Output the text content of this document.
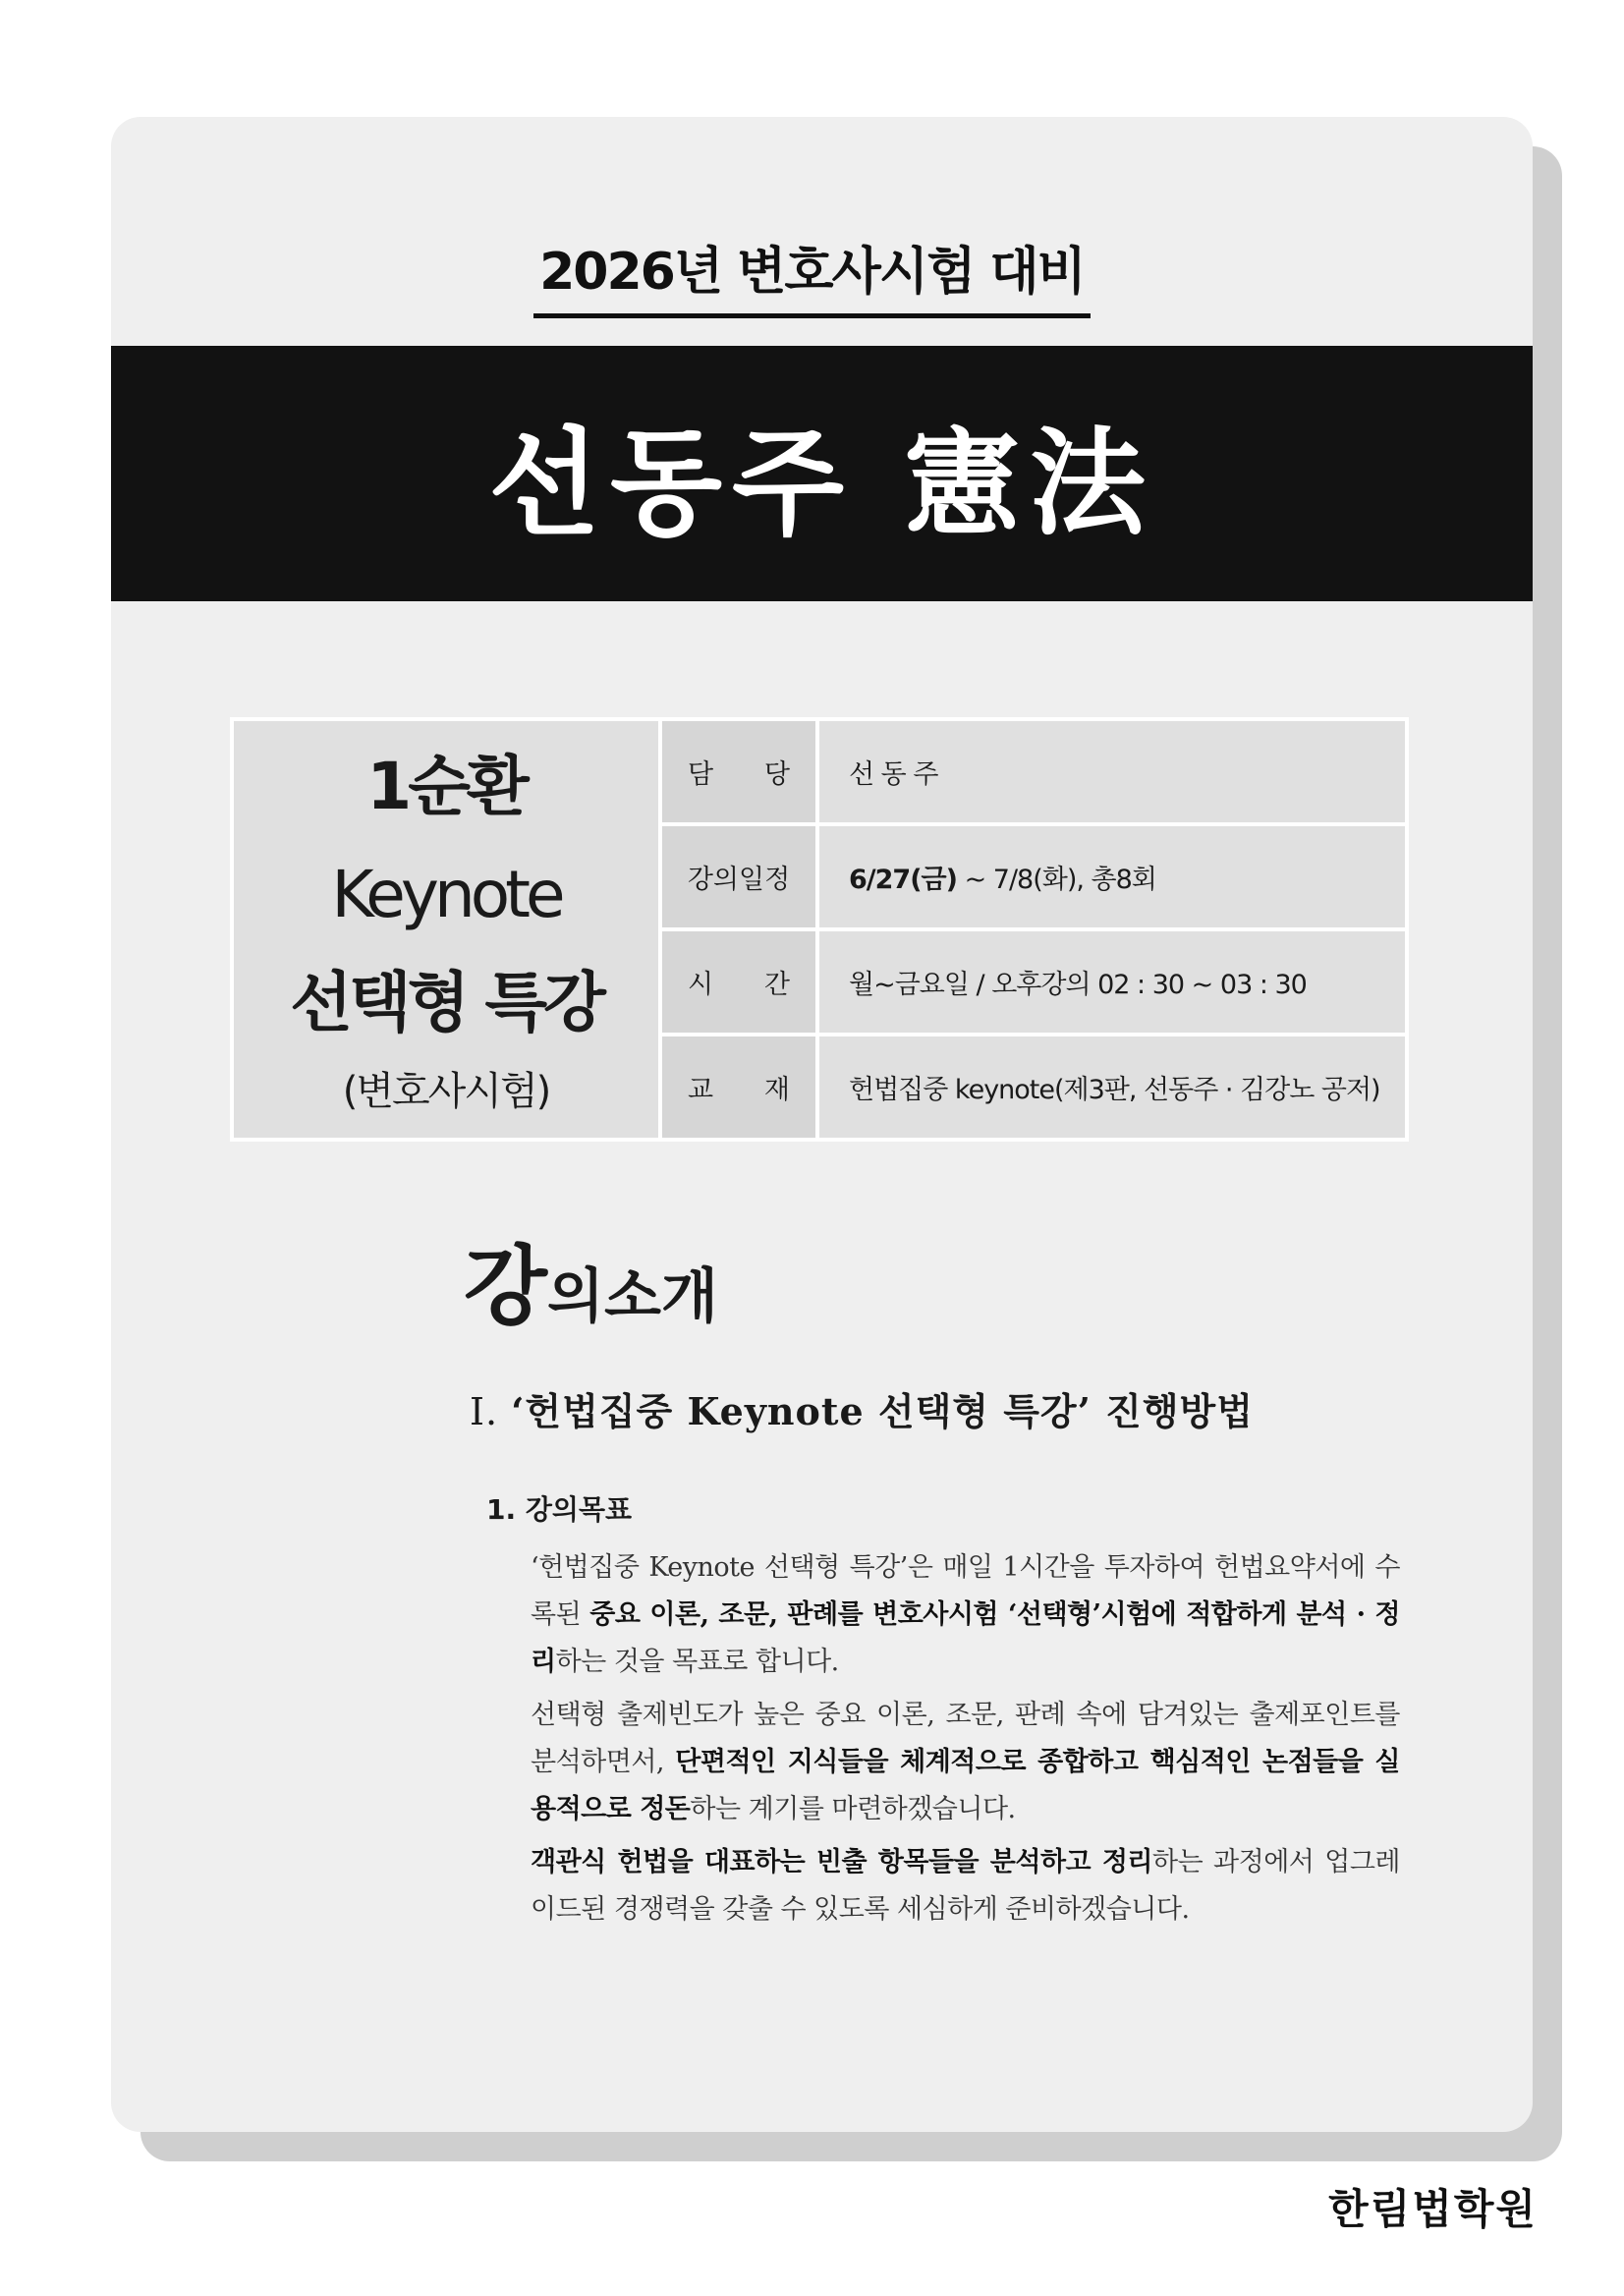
2026년 변호사시험 대비
선동주 憲法
1순환
Keynote
선택형 특강
(변호사시험)
담 당	선 동 주
강의일정	6/27(금) ~ 7/8(화), 총8회
시 간	월~금요일 / 오후강의 02 : 30 ~ 03 : 30
교 재	헌법집중 keynote(제3판, 선동주 · 김강노 공저)
강의소개
Ⅰ. ‘헌법집중 Keynote 선택형 특강’ 진행방법
1. 강의목표
‘헌법집중 Keynote 선택형 특강’은 매일 1시간을 투자하여 헌법요약서에 수록된 중요 이론, 조문, 판례를 변호사시험 ‘선택형’시험에 적합하게 분석 · 정리하는 것을 목표로 합니다.
선택형 출제빈도가 높은 중요 이론, 조문, 판례 속에 담겨있는 출제포인트를 분석하면서, 단편적인 지식들을 체계적으로 종합하고 핵심적인 논점들을 실용적으로 정돈하는 계기를 마련하겠습니다.
객관식 헌법을 대표하는 빈출 항목들을 분석하고 정리하는 과정에서 업그레이드된 경쟁력을 갖출 수 있도록 세심하게 준비하겠습니다.
한림법학원
